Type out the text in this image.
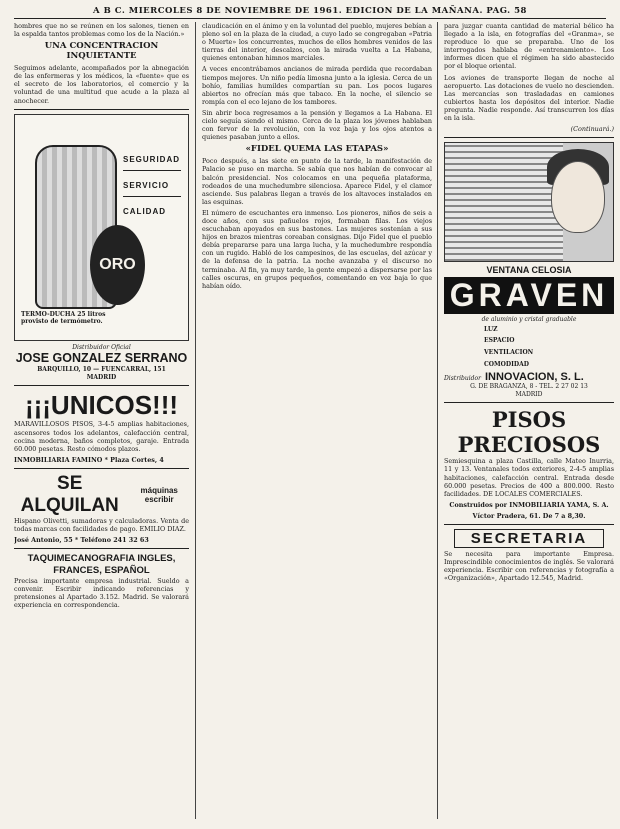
A B C. MIERCOLES 8 DE NOVIEMBRE DE 1961. EDICION DE LA MAÑANA. PAG. 58

hombres que no se reúnen en los salones, tienen en la espalda tantos problemas como los de la Nación.»

UNA CONCENTRACION INQUIETANTE

Seguimos adelante, acompañados por la abnegación de las enfermeras y los médicos, la «fuente» que es el secreto de los laboratorios, el comercio y la voluntad de una multitud que acude a la plaza al anochecer.

SEGURIDAD
SERVICIO
CALIDAD
ORO
TERMO-DUCHA 25 litros provisto de termómetro.
Distribuidor Oficial
JOSE GONZALEZ SERRANO
BARQUILLO, 10 — FUENCARRAL, 151
MADRID
¡¡¡UNICOS!!!

MARAVILLOSOS PISOS, 3-4-5 amplias habitaciones, ascensores todos los adelantos, calefacción central, cocina moderna, baños completos, garaje. Entrada 60.000 pesetas. Resto cómodos plazos.

INMOBILIARIA FAMINO * Plaza Cortes, 4

SE ALQUILAN
máquinas escribir

Hispano Olivetti, sumadoras y calculadoras. Venta de todas marcas con facilidades de pago. EMILIO DIAZ.

José Antonio, 55 * Teléfono 241 32 63

TAQUIMECANOGRAFIA INGLES, FRANCES, ESPAÑOL

Precisa importante empresa industrial. Sueldo a convenir. Escribir indicando referencias y pretensiones al Apartado 3.152. Madrid. Se valorará experiencia en correspondencia.

claudicación en el ánimo y en la voluntad del pueblo, mujeres bebían a pleno sol en la plaza de la ciudad, a cuyo lado se congregaban «Patria o Muerte» los concurrentes, muchos de ellos hombres venidos de las tierras del interior, descalzos, con la mirada vuelta a La Habana, quienes entonaban himnos marciales.

A veces encontrábamos ancianos de mirada perdida que recordaban tiempos mejores. Un niño pedía limosna junto a la iglesia. Cerca de un bohío, familias humildes compartían su pan. Los pocos lugares abiertos no ofrecían más que tabaco. En la noche, el silencio se rompía con el eco lejano de los tambores.

Sin abrir boca regresamos a la pensión y llegamos a La Habana. El cielo seguía siendo el mismo. Cerca de la plaza los jóvenes hablaban con fervor de la revolución, con la voz baja y los ojos atentos a quienes pasaban junto a ellos.

«FIDEL QUEMA LAS ETAPAS»

Poco después, a las siete en punto de la tarde, la manifestación de Palacio se puso en marcha. Se sabía que nos habían de convocar al balcón presidencial. Nos colocamos en una pequeña plataforma, rodeados de una muchedumbre silenciosa. Aparece Fidel, y el clamor asciende. Sus palabras llegan a través de los altavoces instalados en las esquinas.

El número de escuchantes era inmenso. Los pioneros, niños de seis a doce años, con sus pañuelos rojos, formaban filas. Los viejos escuchaban apoyados en sus bastones. Las mujeres sostenían a sus hijos en brazos mientras coreaban consignas. Dijo Fidel que el pueblo debía prepararse para una larga lucha, y la muchedumbre respondía con un rugido. Habló de los campesinos, de las escuelas, del azúcar y de la defensa de la patria. La noche avanzaba y el discurso no terminaba. Al fin, ya muy tarde, la gente empezó a dispersarse por las calles oscuras, en grupos pequeños, comentando en voz baja lo que habían oído.

para juzgar cuanta cantidad de material bélico ha llegado a la isla, en fotografías del «Granma», se reproduce lo que se preparaba. Uno de los interrogados hablaba de «entrenamiento». Los informes dicen que el régimen ha sido abastecido por el bloque oriental.

Los aviones de transporte llegan de noche al aeropuerto. Las dotaciones de vuelo no descienden. Las mercancías son trasladadas en camiones cubiertos hasta los depósitos del interior. Nadie pregunta. Nadie responde. Así transcurren los días en la isla.

(Continuará.)
VENTANA CELOSIA
GRAVEN
de aluminio y cristal graduable
LUZ
ESPACIO
VENTILACION
COMODIDAD
Distribuidor INNOVACION, S. L.
G. DE BRAGANZA, 8 - TEL. 2 27 02 13
MADRID
PISOS PRECIOSOS

Semiesquina a plaza Castilla, calle Mateo Inurria, 11 y 13. Ventanales todos exteriores, 2-4-5 amplias habitaciones, calefacción central. Entrada desde 60.000 pesetas. Precios de 400 a 800.000. Resto facilidades. DE LOCALES COMERCIALES.

Construidos por INMOBILIARIA YAMA, S. A.

Víctor Pradera, 61. De 7 a 8,30.

SECRETARIA

Se necesita para importante Empresa. Imprescindible conocimientos de inglés. Se valorará experiencia. Escribir con referencias y fotografía a «Organización», Apartado 12.545, Madrid.
